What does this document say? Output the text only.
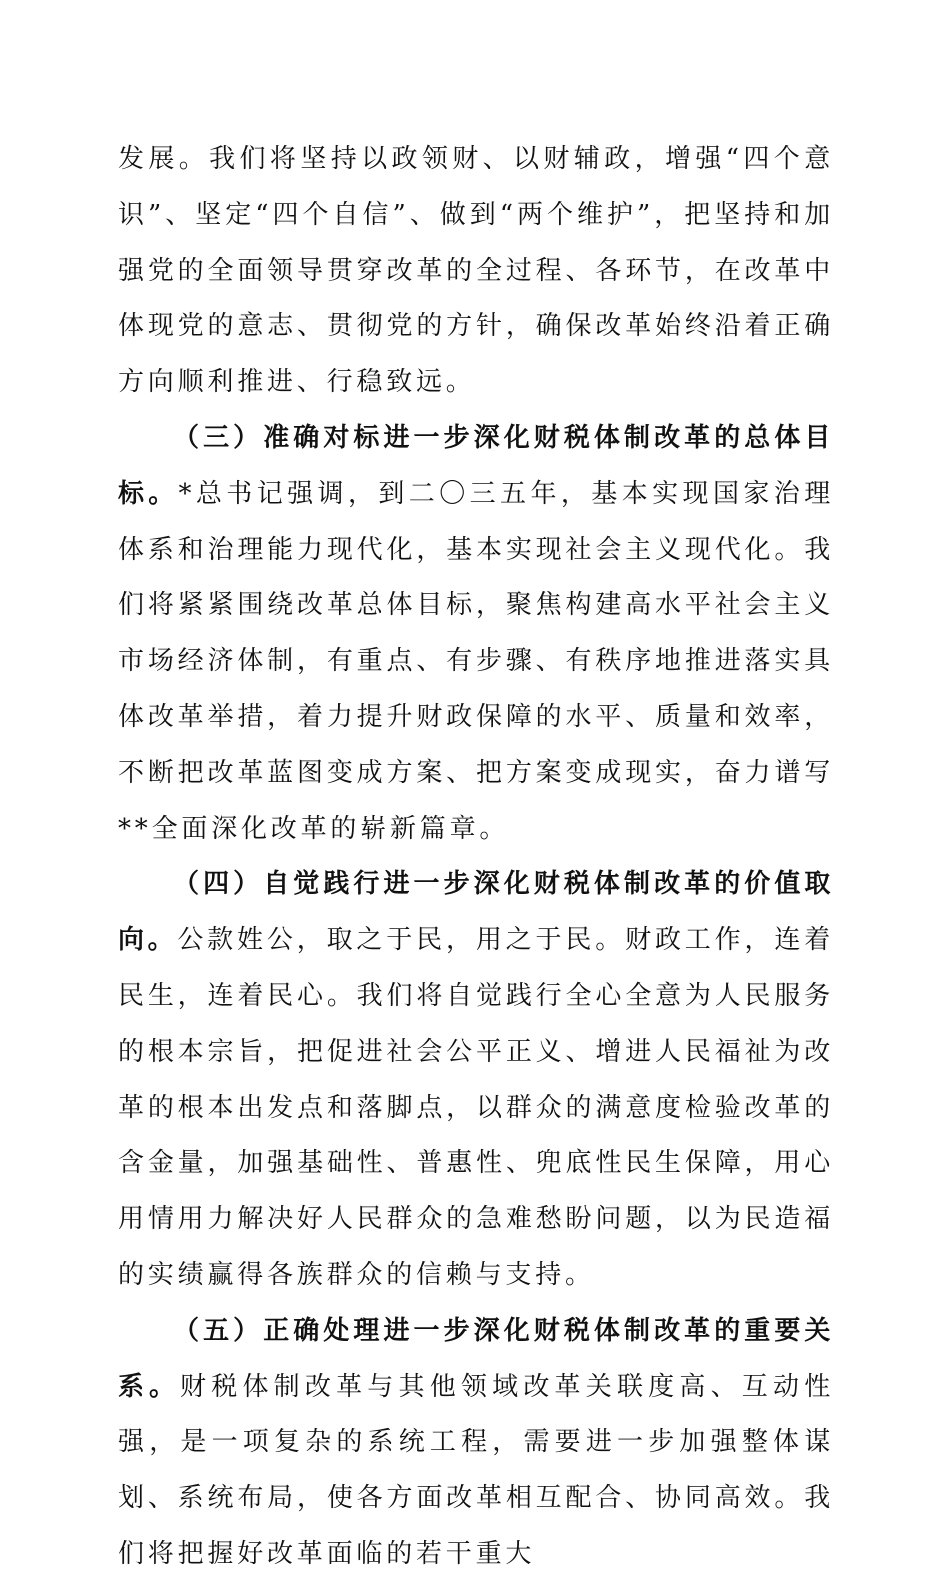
发展。我们将坚持以政领财、以财辅政，增强“四个意识”、坚定“四个自信”、做到“两个维护”，把坚持和加强党的全面领导贯穿改革的全过程、各环节，在改革中体现党的意志、贯彻党的方针，确保改革始终沿着正确方向顺利推进、行稳致远。

（三）准确对标进一步深化财税体制改革的总体目标。*总书记强调，到二〇三五年，基本实现国家治理体系和治理能力现代化，基本实现社会主义现代化。我们将紧紧围绕改革总体目标，聚焦构建高水平社会主义市场经济体制，有重点、有步骤、有秩序地推进落实具体改革举措，着力提升财政保障的水平、质量和效率，不断把改革蓝图变成方案、把方案变成现实，奋力谱写**全面深化改革的崭新篇章。

（四）自觉践行进一步深化财税体制改革的价值取向。公款姓公，取之于民，用之于民。财政工作，连着民生，连着民心。我们将自觉践行全心全意为人民服务的根本宗旨，把促进社会公平正义、增进人民福祉为改革的根本出发点和落脚点，以群众的满意度检验改革的含金量，加强基础性、普惠性、兜底性民生保障，用心用情用力解决好人民群众的急难愁盼问题，以为民造福的实绩赢得各族群众的信赖与支持。

（五）正确处理进一步深化财税体制改革的重要关系。财税体制改革与其他领域改革关联度高、互动性强，是一项复杂的系统工程，需要进一步加强整体谋划、系统布局，使各方面改革相互配合、协同高效。我们将把握好改革面临的若干重大
